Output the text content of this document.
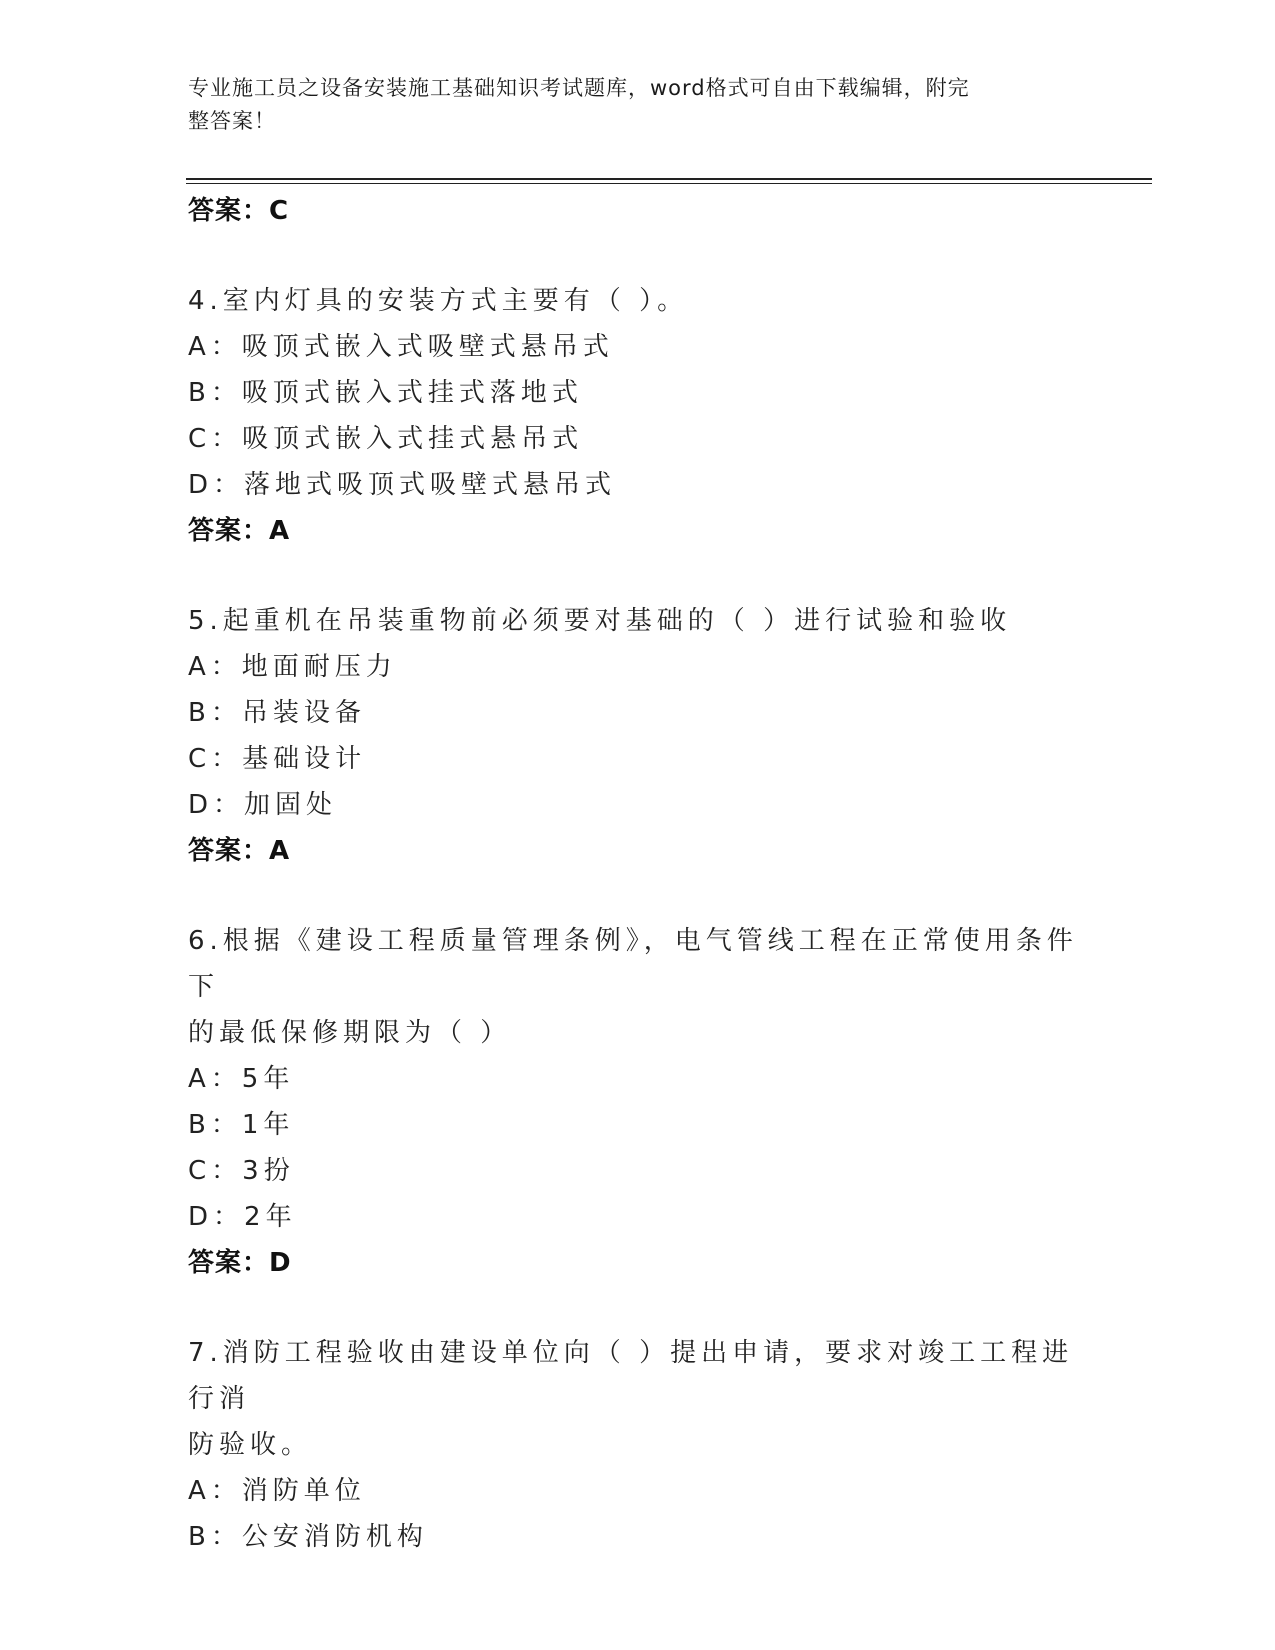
专业施工员之设备安装施工基础知识考试题库，word格式可自由下载编辑，附完
整答案！
答案：C
4.室内灯具的安装方式主要有（ ）。
A：吸顶式嵌入式吸壁式悬吊式
B：吸顶式嵌入式挂式落地式
C：吸顶式嵌入式挂式悬吊式
D：落地式吸顶式吸壁式悬吊式
答案：A
5.起重机在吊装重物前必须要对基础的（ ）进行试验和验收
A：地面耐压力
B：吊装设备
C：基础设计
D：加固处
答案：A
6.根据《建设工程质量管理条例》，电气管线工程在正常使用条件下
的最低保修期限为（ ）
A：5年
B：1年
C：3扮
D：2年
答案：D
7.消防工程验收由建设单位向（ ）提出申请，要求对竣工工程进行消
防验收。
A：消防单位
B：公安消防机构
